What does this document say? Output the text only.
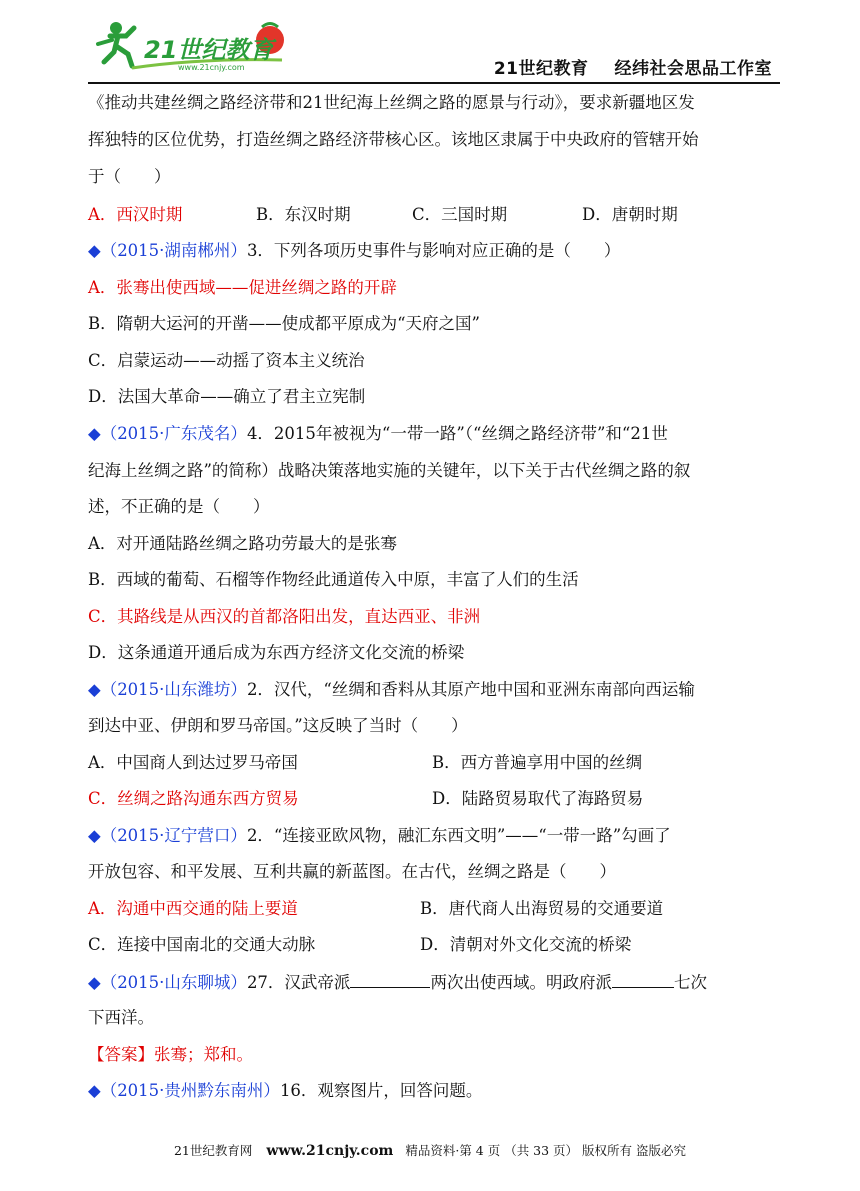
21世纪教育
www.21cnjy.com	21世纪教育 经纬社会思品工作室
《推动共建丝绸之路经济带和21世纪海上丝绸之路的愿景与行动》，要求新疆地区发
挥独特的区位优势，打造丝绸之路经济带核心区。该地区隶属于中央政府的管辖开始
于（　　）
A．西汉时期	B．东汉时期	C．三国时期	D．唐朝时期
◆（2015·湖南郴州）3．下列各项历史事件与影响对应正确的是（　　）
A．张骞出使西域——促进丝绸之路的开辟
B．隋朝大运河的开凿——使成都平原成为“天府之国”
C．启蒙运动——动摇了资本主义统治
D．法国大革命——确立了君主立宪制
◆（2015·广东茂名）4．2015年被视为“一带一路”（“丝绸之路经济带”和“21世
纪海上丝绸之路”的简称）战略决策落地实施的关键年，以下关于古代丝绸之路的叙
述，不正确的是（　　）
A．对开通陆路丝绸之路功劳最大的是张骞
B．西域的葡萄、石榴等作物经此通道传入中原，丰富了人们的生活
C．其路线是从西汉的首都洛阳出发，直达西亚、非洲
D．这条通道开通后成为东西方经济文化交流的桥梁
◆（2015·山东潍坊）2．汉代，“丝绸和香料从其原产地中国和亚洲东南部向西运输
到达中亚、伊朗和罗马帝国。”这反映了当时（　　）
A．中国商人到达过罗马帝国	B．西方普遍享用中国的丝绸
C．丝绸之路沟通东西方贸易	D．陆路贸易取代了海路贸易
◆（2015·辽宁营口）2．“连接亚欧风物，融汇东西文明”——“一带一路”勾画了
开放包容、和平发展、互利共赢的新蓝图。在古代，丝绸之路是（　　）
A．沟通中西交通的陆上要道	B．唐代商人出海贸易的交通要道
C．连接中国南北的交通大动脉	D．清朝对外文化交流的桥梁
◆（2015·山东聊城）27．汉武帝派	两次出使西域。明政府派	七次
下西洋。
【答案】张骞；郑和。
◆（2015·贵州黔东南州）16．观察图片，回答问题。
21世纪教育网 www.21cnjy.com 精品资料·第 4 页 （共 33 页） 版权所有 盗版必究
